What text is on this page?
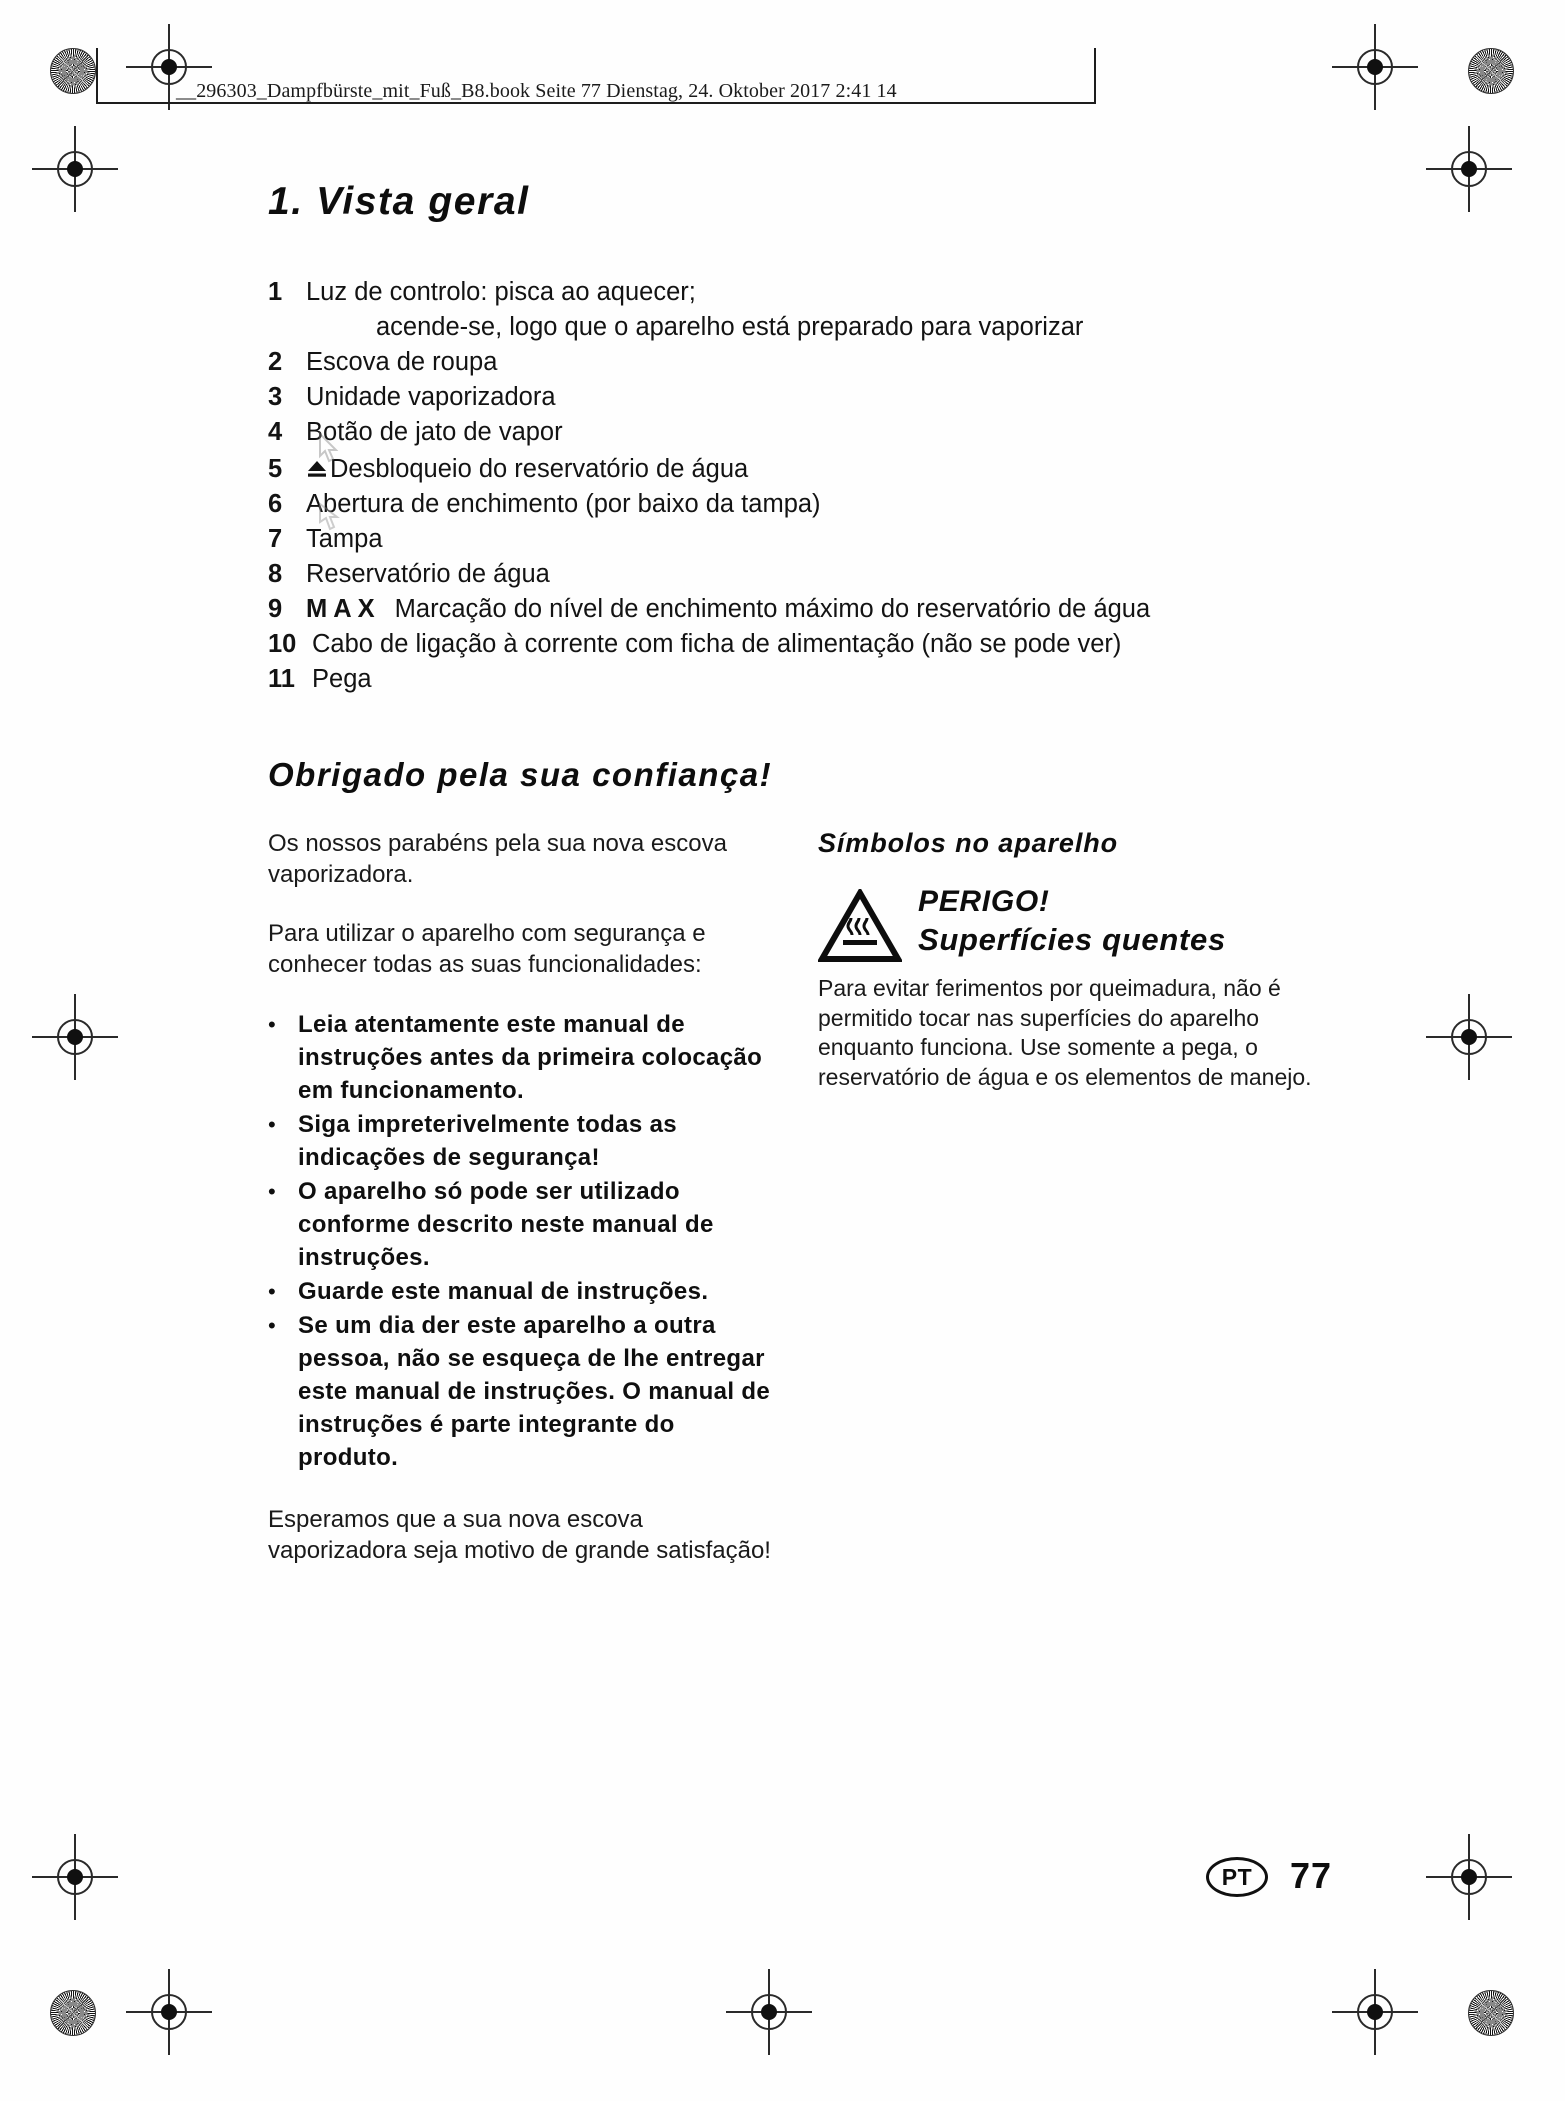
__296303_Dampfbürste_mit_Fuß_B8.book Seite 77 Dienstag, 24. Oktober 2017 2:41 14
1. Vista geral
1 Luz de controlo: pisca ao aquecer;
acende-se, logo que o aparelho está preparado para vaporizar
2 Escova de roupa
3 Unidade vaporizadora
4 Botão de jato de vapor
5	Desbloqueio do reservatório de água
6 Abertura de enchimento (por baixo da tampa)
7 Tampa
8 Reservatório de água
9 MAX Marcação do nível de enchimento máximo do reservatório de água
10 Cabo de ligação à corrente com ficha de alimentação (não se pode ver)
11 Pega
Obrigado pela sua confiança!

Os nossos parabéns pela sua nova escova vaporizadora.

Para utilizar o aparelho com segurança e conhecer todas as suas funcionalidades:

• Leia atentamente este manual de instruções antes da primeira colocação em funcionamento.
• Siga impreterivelmente todas as indicações de segurança!
• O aparelho só pode ser utilizado conforme descrito neste manual de instruções.
• Guarde este manual de instruções.
• Se um dia der este aparelho a outra pessoa, não se esqueça de lhe entregar este manual de instruções. O manual de instruções é parte integrante do produto.

Esperamos que a sua nova escova vaporizadora seja motivo de grande satisfação!

Símbolos no aparelho
PERIGO!
Superfícies quentes

Para evitar ferimentos por queimadura, não é permitido tocar nas superfícies do aparelho enquanto funciona. Use somente a pega, o reservatório de água e os elementos de manejo.

PT	77
